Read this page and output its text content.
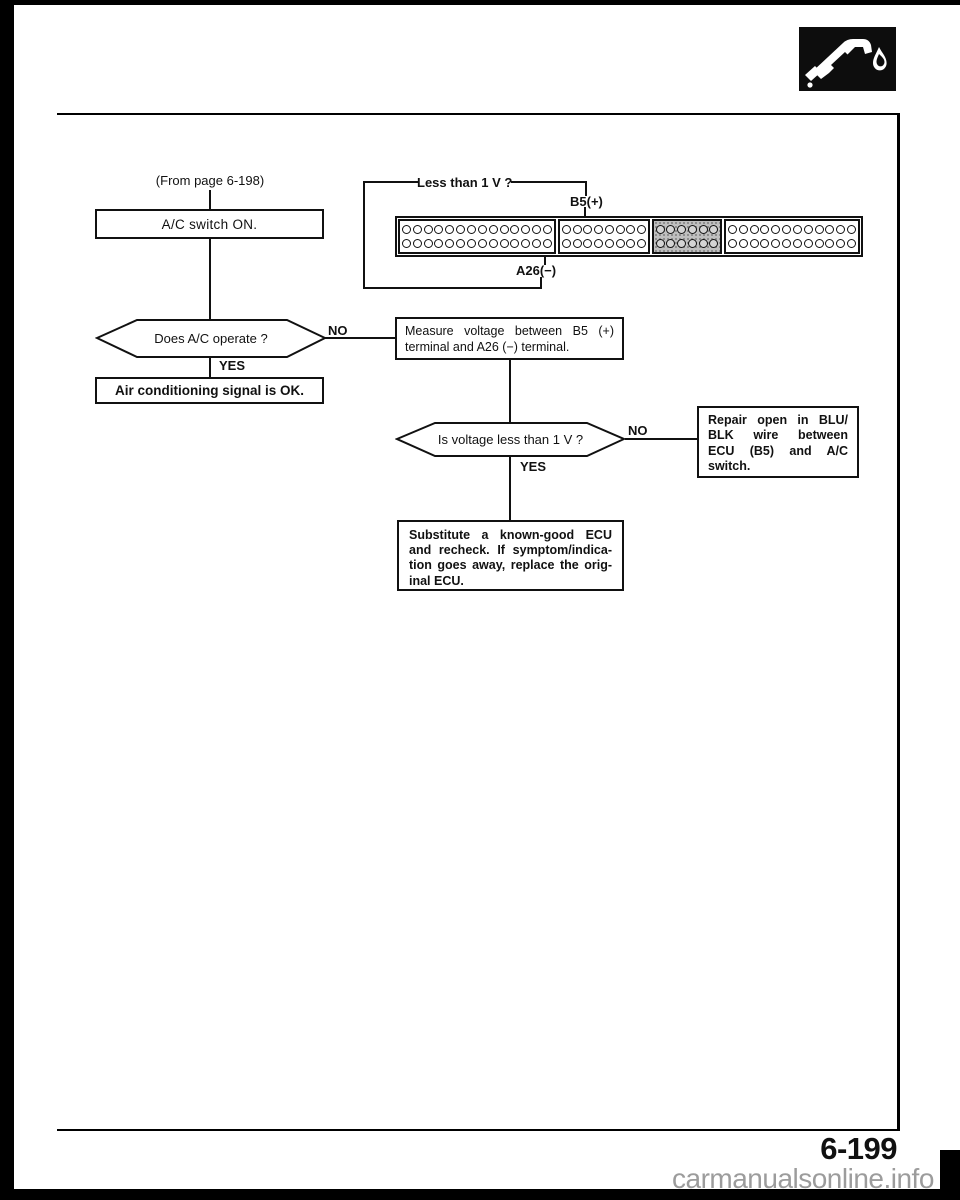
(From page 6-198)
A/C switch ON.
Does A/C operate ?
NO
YES
Air conditioning signal is OK.
Less than 1 V ?
B5(+)
A26(−)
Measure voltage between B5 (+)
terminal and A26 (−) terminal.
Is voltage less than 1 V ?
NO
YES
Repair open in BLU/
BLK wire between
ECU (B5) and A/C
switch.
Substitute a known-good ECU
and recheck. If symptom/indica-
tion goes away, replace the orig-
inal ECU.
6-199
carmanualsonline.info
